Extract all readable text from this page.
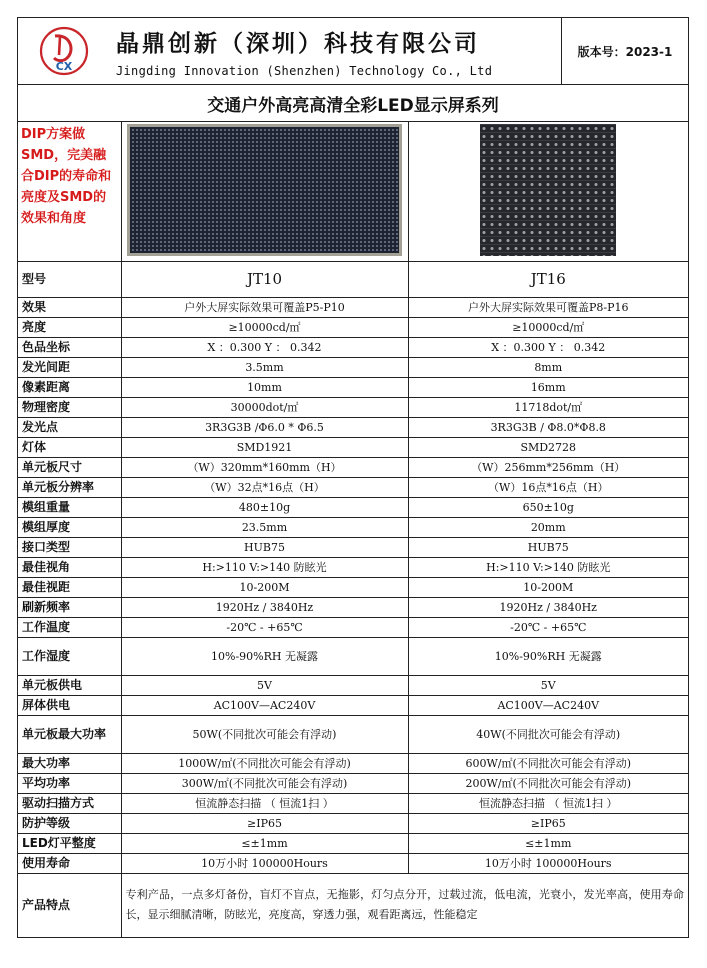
CX
晶鼎创新（深圳）科技有限公司
Jingding Innovation (Shenzhen) Technology Co., Ltd
版本号：2023-1
交通户外高亮高清全彩LED显示屏系列
DIP方案做SMD，完美融合DIP的寿命和亮度及SMD的效果和角度		
型号	JT10	JT16
效果	户外大屏实际效果可覆盖P5-P10	户外大屏实际效果可覆盖P8-P16
亮度	≥10000cd/㎡	≥10000cd/㎡
色品坐标	X ：0.300 Y ： 0.342	X ：0.300 Y ： 0.342
发光间距	3.5mm	8mm
像素距离	10mm	16mm
物理密度	30000dot/㎡	11718dot/㎡
发光点	3R3G3B /Φ6.0 * Φ6.5	3R3G3B / Φ8.0*Φ8.8
灯体	SMD1921	SMD2728
单元板尺寸	（W）320mm*160mm（H）	（W）256mm*256mm（H）
单元板分辨率	（W）32点*16点（H）	（W）16点*16点（H）
模组重量	480±10g	650±10g
模组厚度	23.5mm	20mm
接口类型	HUB75	HUB75
最佳视角	H:>110 V:>140 防眩光	H:>110 V:>140 防眩光
最佳视距	10-200M	10-200M
刷新频率	1920Hz / 3840Hz	1920Hz / 3840Hz
工作温度	-20℃ - +65℃	-20℃ - +65℃
工作湿度	10%-90%RH 无凝露	10%-90%RH 无凝露
单元板供电	5V	5V
屏体供电	AC100V—AC240V	AC100V—AC240V
单元板最大功率	50W(不同批次可能会有浮动)	40W(不同批次可能会有浮动)
最大功率	1000W/㎡(不同批次可能会有浮动)	600W/㎡(不同批次可能会有浮动)
平均功率	300W/㎡(不同批次可能会有浮动)	200W/㎡(不同批次可能会有浮动)
驱动扫描方式	恒流静态扫描 （ 恒流1扫 ）	恒流静态扫描 （ 恒流1扫 ）
防护等级	≥IP65	≥IP65
LED灯平整度	≤±1mm	≤±1mm
使用寿命	10万小时 100000Hours	10万小时 100000Hours
产品特点	专利产品，一点多灯备份，盲灯不盲点，无拖影，灯匀点分开，过载过流，低电流，光衰小，发光率高，使用寿命长，显示细腻清晰，防眩光，亮度高，穿透力强，观看距离远，性能稳定	
